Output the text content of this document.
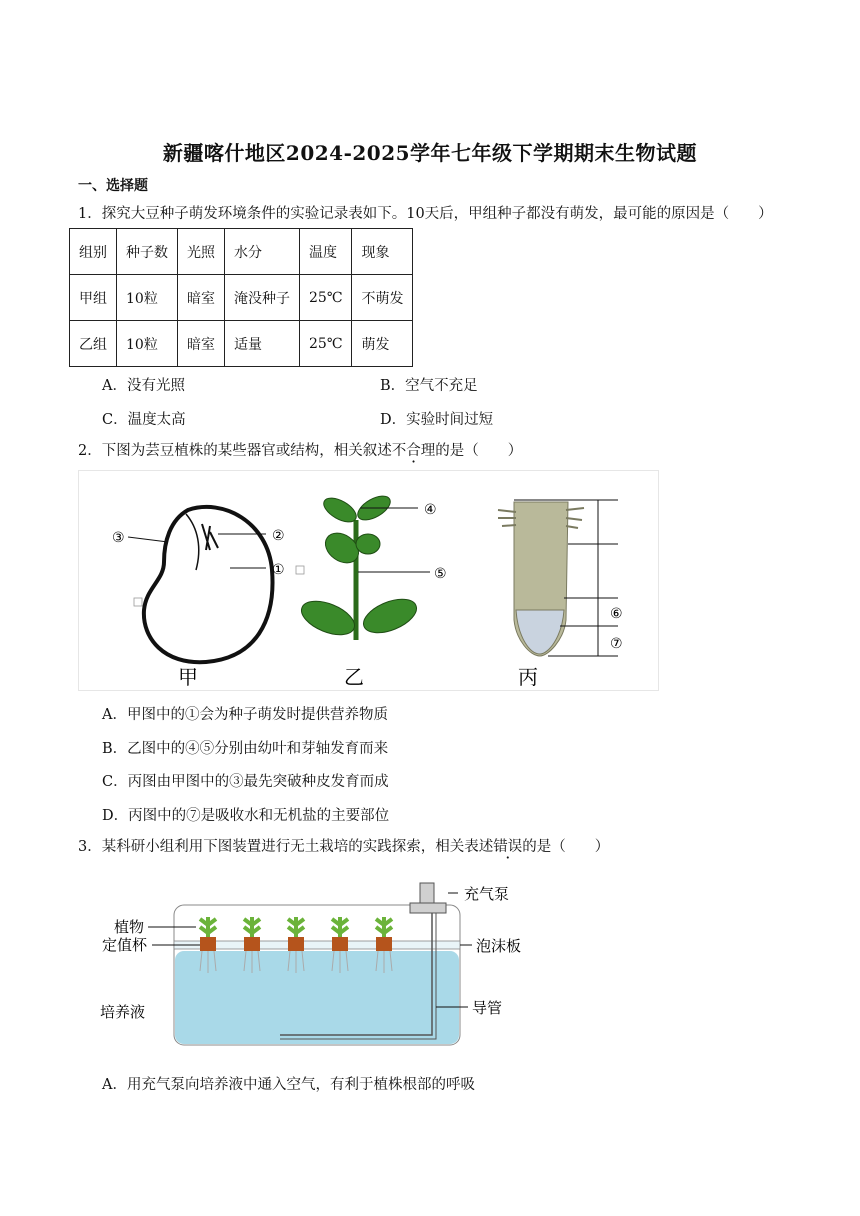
新疆喀什地区2024-2025学年七年级下学期期末生物试题
一、选择题
1．探究大豆种子萌发环境条件的实验记录表如下。10天后，甲组种子都没有萌发，最可能的原因是（　　）
组别	种子数	光照	水分	温度	现象
甲组	10粒	暗室	淹没种子	25℃	不萌发
乙组	10粒	暗室	适量	25℃	萌发
A．没有光照	B．空气不充足
C．温度太高	D．实验时间过短
2．下图为芸豆植株的某些器官或结构，相关叙述不合理的是（　　）
③	②
①
甲
④
⑤
乙
⑥
⑦
丙
A．甲图中的①会为种子萌发时提供营养物质
B．乙图中的④⑤分别由幼叶和芽轴发育而来
C．丙图由甲图中的③最先突破种皮发育而成
D．丙图中的⑦是吸收水和无机盐的主要部位
3．某科研小组利用下图装置进行无土栽培的实践探索，相关表述错误的是（　　）
植物
定值杯
培养液
充气泵
泡沫板
导管
A．用充气泵向培养液中通入空气，有利于植株根部的呼吸
